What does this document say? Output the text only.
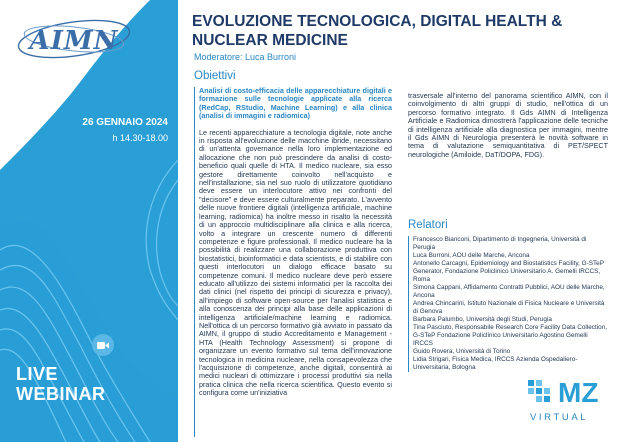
AIMN
26 GENNAIO 2024
h 14.30-18.00
LIVE WEBINAR
EVOLUZIONE TECNOLOGICA, DIGITAL HEALTH & NUCLEAR MEDICINE
Moderatore: Luca Burroni
Obiettivi
Analisi di costo-efficacia delle apparecchiature digitali e formazione sulle tecnologie applicate alla ricerca (RedCap, RStudio, Machine Learning) e alla clinica (analisi di immagini e radiomica)
Le recenti apparecchiature a tecnologia digitale, note anche in risposta all'evoluzione delle macchine ibride, necessitano di un'attenta governance nella loro implementazione ed allocazione che non può prescindere da analisi di costo-beneficio quali quelle di HTA. Il medico nucleare, sia esso gestore direttamente coinvolto nell'acquisto e nell'installazione, sia nel suo ruolo di utilizzatore quotidiano deve essere un interlocutore attivo nei confronti del "decisore" e deve essere culturalmente preparato. L'avvento delle nuove frontiere digitali (intelligenza artificiale, machine learning, radiomica) ha inoltre messo in risalto la necessità di un approccio multidisciplinare alla clinica e alla ricerca, volto a integrare un crescente numero di differenti competenze e figure professionali. Il medico nucleare ha la possibilità di realizzare una collaborazione produttiva con biostatistici, bioinformatici e data scientists, e di stabilire con questi interlocutori un dialogo efficace basato su competenze comuni. Il medico nucleare deve però essere educato all'utilizzo dei sistemi informatici per la raccolta dei dati clinici (nel rispetto dei principi di sicurezza e privacy), all'impiego di software open-source per l'analisi statistica e alla conoscenza dei principi alla base delle applicazioni di intelligenza artificiale/machine learning e radiomica. Nell'ottica di un percorso formativo già avviato in passato da AIMN, il gruppo di studio Accreditamento e Management - HTA (Health Technology Assessment) si propone di organizzare un evento formativo sul tema dell'innovazione tecnologica in medicina nucleare, nella consapevolezza che l'acquisizione di competenze, anche digitali, consentirà ai medici nucleari di ottimizzare i processi produttivi sia nella pratica clinica che nella ricerca scientifica. Questo evento si configura come un'iniziativa
trasversale all'interno del panorama scientifico AIMN, con il coinvolgimento di altri gruppi di studio, nell'ottica di un percorso formativo integrato. Il Gds AIMN di Intelligenza Artificiale e Radiomica dimostrerà l'applicazione delle tecniche di intelligenza artificiale alla diagnostica per immagini, mentre il Gds AIMN di Neurologia presenterà le novità software in tema di valutazione semiquantitativa di PET/SPECT neurologiche (Amiloide, DaT/DOPA, FDG).
Relatori
Francesco Bianconi, Dipartimento di Ingegneria, Università di Perugia
Luca Burroni, AOU delle Marche, Ancona
Antonello Carcagni, Epidemiology and Biostatistics Facility, G-STeP Generator, Fondazione Policlinico Universitario A. Gemelli IRCCS, Roma
Simona Cappani, Affidamento Contratti Pubblici, AOU delle Marche, Ancona
Andrea Chincarini, Istituto Nazionale di Fisica Nucleare e Università di Genova
Barbara Palumbo, Università degli Studi, Perugia
Tina Pasciuto, Responsabile Research Core Facility Data Collection, G-STeP Fondazione Policlinico Universitario Agostino Gemelli IRCCS
Guido Rovera, Università di Torino
Lidia Strigari, Fisica Medica, IRCCS Azienda Ospedaliero-Universitaria, Bologna
MZ
VIRTUAL
